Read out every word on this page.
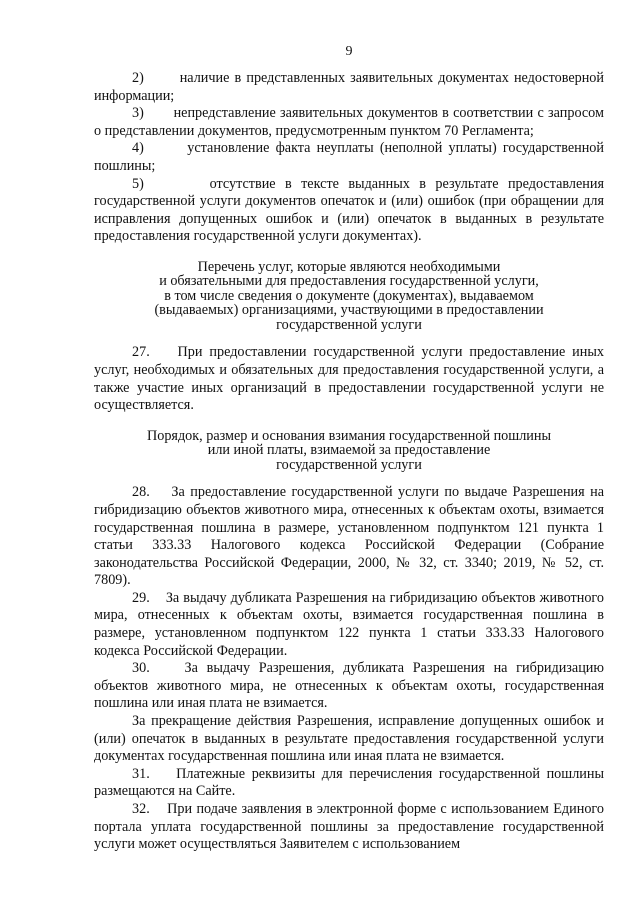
9

2)       наличие в представленных заявительных документах недостоверной информации;

3)       непредставление заявительных документов в соответствии с запросом о представлении документов, предусмотренным пунктом 70 Регламента;

4)       установление факта неуплаты (неполной уплаты) государственной пошлины;

5)       отсутствие в тексте выданных в результате предоставления государственной услуги документов опечаток и (или) ошибок (при обращении для исправления допущенных ошибок и (или) опечаток в выданных в результате предоставления государственной услуги документах).

Перечень услуг, которые являются необходимыми
и обязательными для предоставления государственной услуги,
в том числе сведения о документе (документах), выдаваемом
(выдаваемых) организациями, участвующими в предоставлении
государственной услуги

27.    При предоставлении государственной услуги предоставление иных услуг, необходимых и обязательных для предоставления государственной услуги, а также участие иных организаций в предоставлении государственной услуги не осуществляется.

Порядок, размер и основания взимания государственной пошлины
или иной платы, взимаемой за предоставление
государственной услуги

28.    За предоставление государственной услуги по выдаче Разрешения на гибридизацию объектов животного мира, отнесенных к объектам охоты, взимается государственная пошлина в размере, установленном подпунктом 121 пункта 1 статьи 333.33 Налогового кодекса Российской Федерации (Собрание законодательства Российской Федерации, 2000, № 32, ст. 3340; 2019, № 52, ст. 7809).

29.    За выдачу дубликата Разрешения на гибридизацию объектов животного мира, отнесенных к объектам охоты, взимается государственная пошлина в размере, установленном подпунктом 122 пункта 1 статьи 333.33 Налогового кодекса Российской Федерации.

30.    За выдачу Разрешения, дубликата Разрешения на гибридизацию объектов животного мира, не отнесенных к объектам охоты, государственная пошлина или иная плата не взимается.

За прекращение действия Разрешения, исправление допущенных ошибок и (или) опечаток в выданных в результате предоставления государственной услуги документах государственная пошлина или иная плата не взимается.

31.    Платежные реквизиты для перечисления государственной пошлины размещаются на Сайте.

32.    При подаче заявления в электронной форме с использованием Единого портала уплата государственной пошлины за предоставление государственной услуги может осуществляться Заявителем с использованием
